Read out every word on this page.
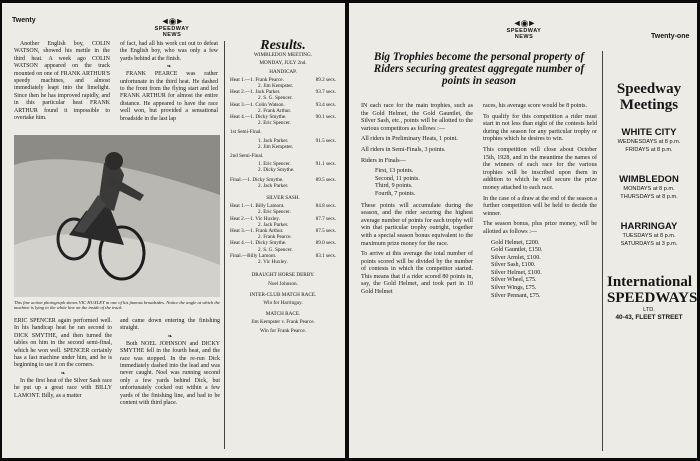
Twenty	◄◉►
SPEEDWAY NEWS

Another English boy, COLIN WATSON, showed his mettle in the third heat. A week ago COLIN WATSON appeared on the track mounted on one of FRANK ARTHUR'S speedy machines, and almost immediately leapt into the limelight. Since then he has improved rapidly, and in this particular heat FRANK ARTHUR found it impossible to overtake him.

of fact, had all his work cut out to defeat the English boy, who was only a few yards behind at the finish.

❧

FRANK PEARCE was rather unfortunate in the third heat. He dashed to the front from the flying start and led FRANK ARTHUR for almost the entire distance. He appeared to have the race well won, but provided a sensational broadside in the last lap

This fine action photograph shows VIC HUXLEY in one of his famous broadsides. Notice the angle at which the machine is lying to the white line on the inside of the track.

ERIC SPENCER again performed well. In his handicap heat he ran second to DICK SMYTHE, and then turned the tables on him in the second semi-final, which he won well. SPENCER certainly has a fast machine under him, and he is beginning to use it on the corners.

❧

In the first heat of the Silver Sash race he put up a great race with BILLY LAMONT. Billy, as a matter

and came down entering the finishing straight.

❧

Both NOEL JOHNSON and DICKY SMYTHE fell in the fourth heat, and the race was stopped. In the re-run Dick immediately dashed into the lead and was never caught. Noel was running second only a few yards behind Dick, but unfortunately cocked out within a few yards of the finishing line, and had to be content with third place.

Results.
WIMBLEDON MEETING.
MONDAY, JULY 2nd.
HANDICAP.
Heat 1.—1. Frank Pearce.	89.2 secs.
2. Jim Kempster.
Heat 2.—1. Jack Parker.	93.7 secs.
2. S. G. Spencer.
Heat 3.—1. Colin Watson.	93.4 secs.
2. Frank Arthur.
Heat 4.—1. Dicky Smythe.	90.1 secs.
2. Eric Spencer.
1st Semi-Final.
1. Jack Parker.	91.5 secs.
2. Jim Kempster.
2nd Semi-Final.
1. Eric Spencer.	91.1 secs.
2. Dicky Smythe.
Final.—1. Dicky Smythe.	89.5 secs.
2. Jack Parker.
SILVER SASH.
Heat 1.—1. Billy Lamont.	84.8 secs.
2. Eric Spencer.
Heat 2.—1. Vic Huxley.	87.7 secs.
2. Jack Parker.
Heat 3.—1. Frank Arthur.	87.5 secs.
2. Frank Pearce.
Heat 4.—1. Dicky Smythe.	89.0 secs.
2. S. G. Spencer.
Final.—Billy Lamont.	83.1 secs.
2. Vic Huxley.
DRAUGHT HORSE DERBY.
Noel Johnson.
INTER-CLUB MATCH RACE.
Win for Harringay.
MATCH RACE.
Jim Kempster v. Frank Pearce.
Win for Frank Pearce.
◄◉►
SPEEDWAY NEWS	Twenty-one
Big Trophies become the personal property of Riders securing greatest aggregate number of points in season

IN each race for the main trophies, such as the Gold Helmet, the Gold Gauntlet, the Silver Sash, etc., points will be allotted to the various competitors as follows :—

All riders in Preliminary Heats, 1 point.

All riders in Semi-Finals, 3 points.

Riders in Finals—

First, 13 points.
Second, 11 points.
Third, 9 points.
Fourth, 7 points.

These points will accumulate during the season, and the rider securing the highest average number of points for each trophy will win that particular trophy outright, together with a special season bonus equivalent to the maximum prize money for the race.

To arrive at this average the total number of points scored will be divided by the number of contests in which the competitor started. This means that if a rider scored 80 points in, say, the Gold Helmet, and took part in 10 Gold Helmet

races, his average score would be 8 points.

To qualify for this competition a rider must start in not less than eight of the contests held during the season for any particular trophy or trophies which he desires to win.

This competition will close about October 15th, 1928, and in the meantime the names of the winners of each race for the various trophies will be inscribed upon them in addition to which he will secure the prize money attached to each race.

In the case of a draw at the end of the season a further competition will be held to decide the winner.

The season bonus, plus prize money, will be allotted as follows :—

Gold Helmet, £200.
Gold Gauntlet, £150.
Silver Armlet, £100.
Silver Sash, £100.
Silver Helmet, £100.
Silver Wheel, £75.
Silver Wings, £75.
Silver Pennant, £75.
Speedway Meetings
WHITE CITY
WEDNESDAYS at 8 p.m.
FRIDAYS at 8 p.m.
WIMBLEDON
MONDAYS at 8 p.m.
THURSDAYS at 8 p.m.
HARRINGAY
TUESDAYS at 8 p.m.
SATURDAYS at 3 p.m.
International
SPEEDWAYS
LTD.
40-43, FLEET STREET
